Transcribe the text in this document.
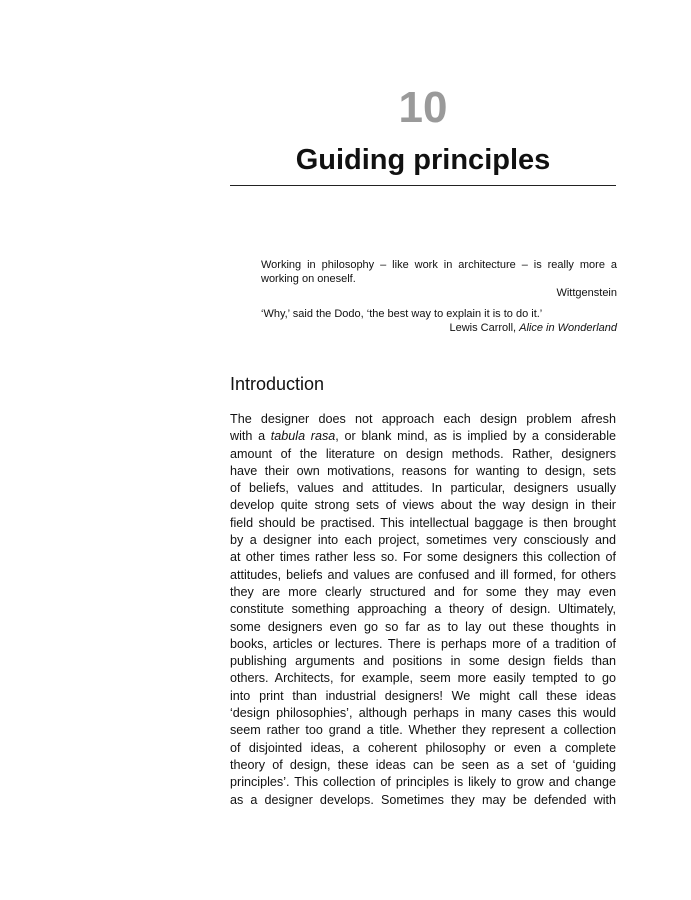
10
Guiding principles

Working in philosophy – like work in architecture – is really more a working on oneself.

Wittgenstein

‘Why,’ said the Dodo, ‘the best way to explain it is to do it.’

Lewis Carroll, Alice in Wonderland

Introduction
The designer does not approach each design problem afresh
with a tabula rasa, or blank mind, as is implied by a considerable
amount of the literature on design methods. Rather, designers
have their own motivations, reasons for wanting to design, sets
of beliefs, values and attitudes. In particular, designers usually
develop quite strong sets of views about the way design in their
field should be practised. This intellectual baggage is then brought
by a designer into each project, sometimes very consciously and
at other times rather less so. For some designers this collection of
attitudes, beliefs and values are confused and ill formed, for others
they are more clearly structured and for some they may even
constitute something approaching a theory of design. Ultimately,
some designers even go so far as to lay out these thoughts in
books, articles or lectures. There is perhaps more of a tradition of
publishing arguments and positions in some design fields than
others. Architects, for example, seem more easily tempted to go
into print than industrial designers! We might call these ideas
‘design philosophies’, although perhaps in many cases this would
seem rather too grand a title. Whether they represent a collection
of disjointed ideas, a coherent philosophy or even a complete
theory of design, these ideas can be seen as a set of ‘guiding
principles’. This collection of principles is likely to grow and change
as a designer develops. Sometimes they may be defended with
